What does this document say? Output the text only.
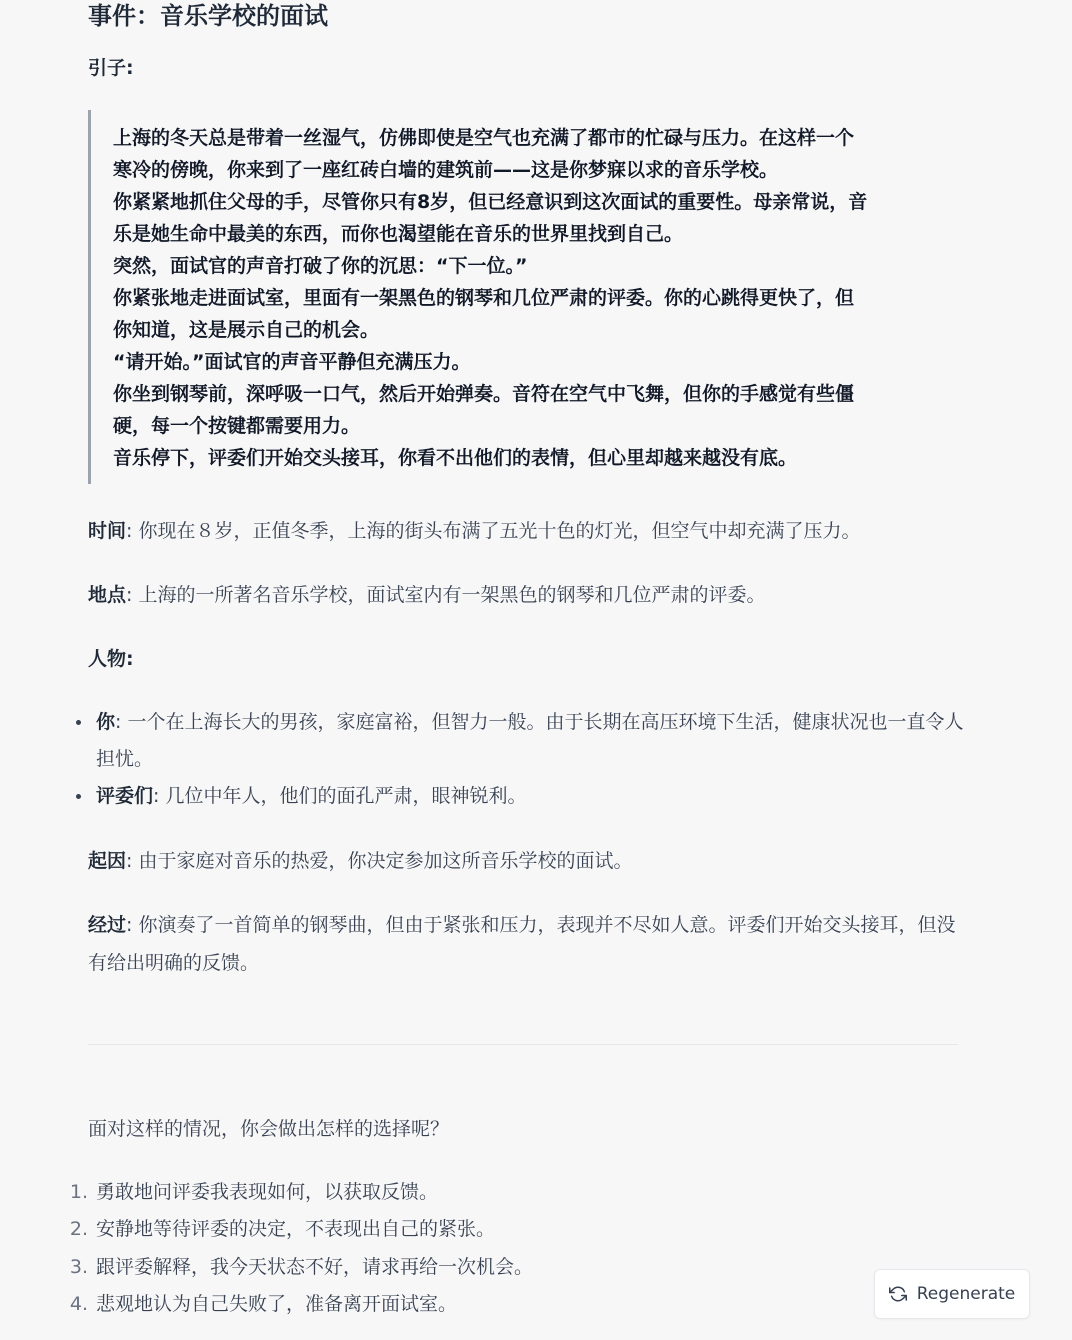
事件：音乐学校的面试
引子:
上海的冬天总是带着一丝湿气，仿佛即使是空气也充满了都市的忙碌与压力。在这样一个
寒冷的傍晚，你来到了一座红砖白墙的建筑前——这是你梦寐以求的音乐学校。
你紧紧地抓住父母的手，尽管你只有8岁，但已经意识到这次面试的重要性。母亲常说，音
乐是她生命中最美的东西，而你也渴望能在音乐的世界里找到自己。
突然，面试官的声音打破了你的沉思：“下一位。”
你紧张地走进面试室，里面有一架黑色的钢琴和几位严肃的评委。你的心跳得更快了，但
你知道，这是展示自己的机会。
“请开始。”面试官的声音平静但充满压力。
你坐到钢琴前，深呼吸一口气，然后开始弹奏。音符在空气中飞舞，但你的手感觉有些僵
硬，每一个按键都需要用力。
音乐停下，评委们开始交头接耳，你看不出他们的表情，但心里却越来越没有底。
时间: 你现在８岁，正值冬季，上海的街头布满了五光十色的灯光，但空气中却充满了压力。
地点: 上海的一所著名音乐学校，面试室内有一架黑色的钢琴和几位严肃的评委。
人物:
你: 一个在上海长大的男孩，家庭富裕，但智力一般。由于长期在高压环境下生活，健康状况也一直令人担忧。
评委们: 几位中年人，他们的面孔严肃，眼神锐利。
起因: 由于家庭对音乐的热爱，你决定参加这所音乐学校的面试。
经过: 你演奏了一首简单的钢琴曲，但由于紧张和压力，表现并不尽如人意。评委们开始交头接耳，但没有给出明确的反馈。
面对这样的情况，你会做出怎样的选择呢？
1. 勇敢地问评委我表现如何，以获取反馈。
2. 安静地等待评委的决定，不表现出自己的紧张。
3. 跟评委解释，我今天状态不好，请求再给一次机会。
4. 悲观地认为自己失败了，准备离开面试室。	Regenerate
